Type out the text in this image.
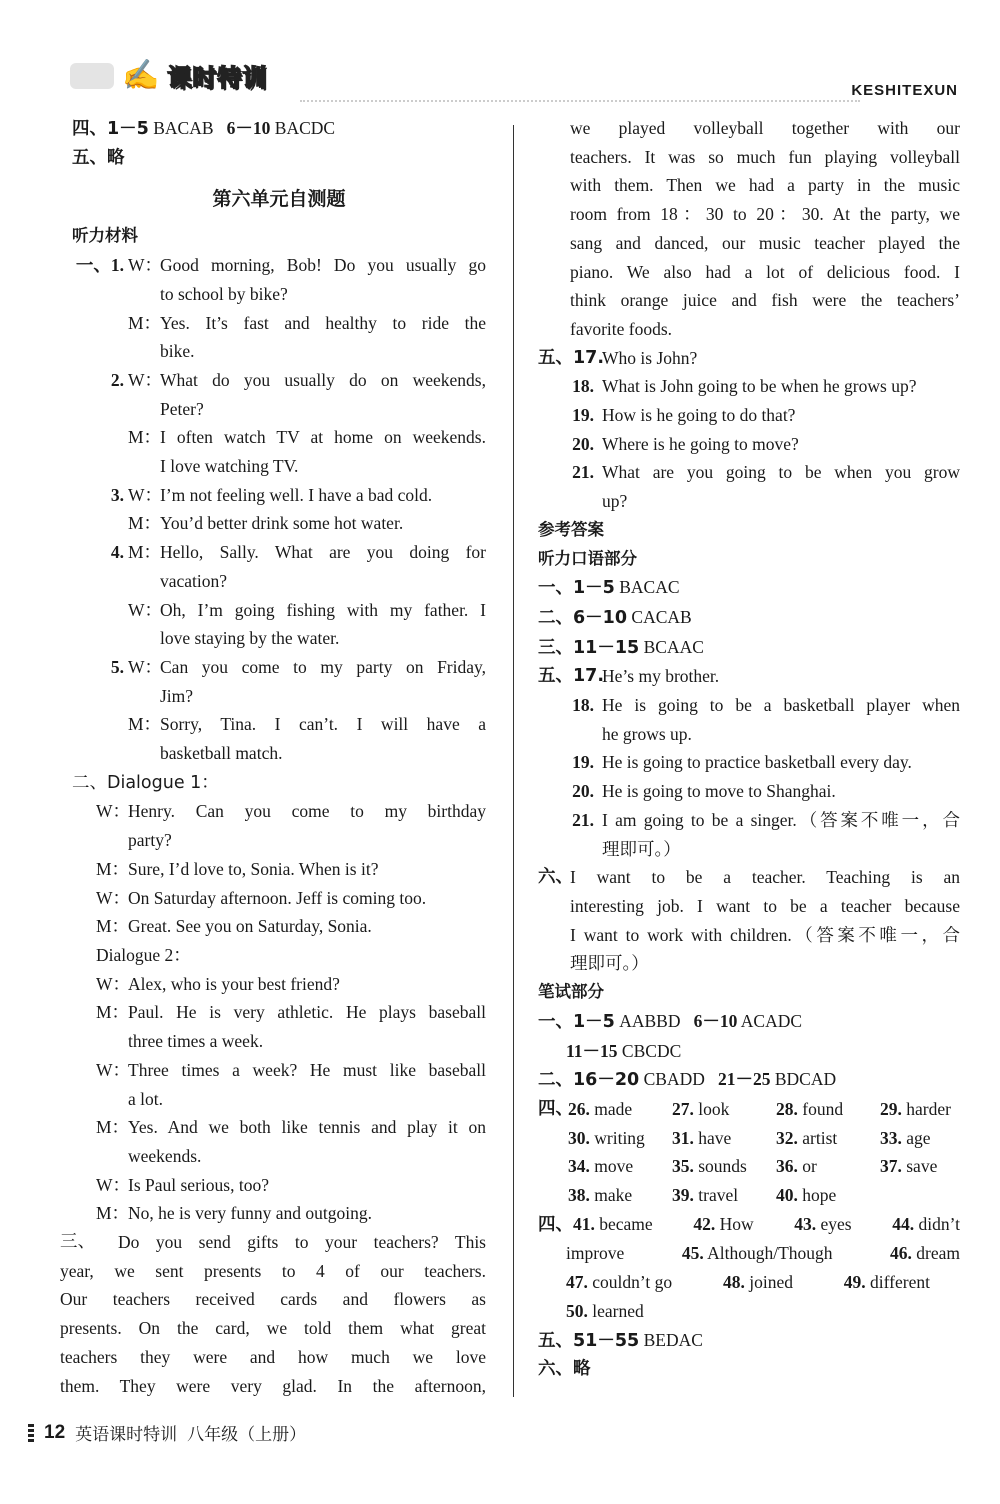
✍ 课时特训	KESHITEXUN
四、1－5 BACAB 6－10 BACDC
五、略
第六单元自测题
听力材料
一、1. W：
Good morning, Bob! Do you usually go
to school by bike?
M：
Yes. It’s fast and healthy to ride the
bike.
2. W：
What do you usually do on weekends,
Peter?
M：
I often watch TV at home on weekends.
I love watching TV.
3. W：
I’m not feeling well. I have a bad cold.
M：
You’d better drink some hot water.
4. M：
Hello, Sally. What are you doing for
vacation?
W：
Oh, I’m going fishing with my father. I
love staying by the water.
5. W：
Can you come to my party on Friday,
Jim?
M：
Sorry, Tina. I can’t. I will have a
basketball match.
二、Dialogue 1：
W：
Henry. Can you come to my birthday
party?
M：
Sure, I’d love to, Sonia. When is it?
W：
On Saturday afternoon. Jeff is coming too.
M：
Great. See you on Saturday, Sonia.
Dialogue 2：
W：
Alex, who is your best friend?
M：
Paul. He is very athletic. He plays baseball
three times a week.
W：
Three times a week? He must like baseball
a lot.
M：
Yes. And we both like tennis and play it on
weekends.
W：
Is Paul serious, too?
M：
No, he is very funny and outgoing.
三、	Do you send gifts to your teachers? This
year, we sent presents to 4 of our teachers.
Our teachers received cards and flowers as
presents. On the card, we told them what great
teachers they were and how much we love
them. They were very glad. In the afternoon,
we played volleyball together with our
teachers. It was so much fun playing volleyball
with them. Then we had a party in the music
room from 18：30 to 20：30. At the party, we
sang and danced, our music teacher played the
piano. We also had a lot of delicious food. I
think orange juice and fish were the teachers’
favorite foods.
五、17.
Who is John?
18. What is John going to be when he grows up?
19. How is he going to do that?
20. Where is he going to move?
21. What are you going to be when you grow
up?
参考答案
听力口语部分
一、1－5 BACAC
二、6－10 CACAB
三、11－15 BCAAC
五、17.
He’s my brother.
18. He is going to be a basketball player when
he grows up.
19. He is going to practice basketball every day.
20. He is going to move to Shanghai.
21. I am going to be a singer.（答案不唯一，合
理即可。）
六、
I want to be a teacher. Teaching is an
interesting job. I want to be a teacher because
I want to work with children.（答案不唯一，合
理即可。）
笔试部分
一、1－5 AABBD 6－10 ACADC
11－15 CBCDC
二、16－20 CBADD 21－25 BDCAD
四、
26. made	27. look	28. found	29. harder
30. writing	31. have	32. artist	33. age
34. move	35. sounds	36. or	37. save
38. make	39. travel	40. hope
四、41. became 42. How 43. eyes 44. didn’t
improve	45. Although/Though	46. dream
47. couldn’t go	48. joined	49. different
50. learned
五、51－55 BEDAC
六、略
12 英语课时特训 八年级（上册）
